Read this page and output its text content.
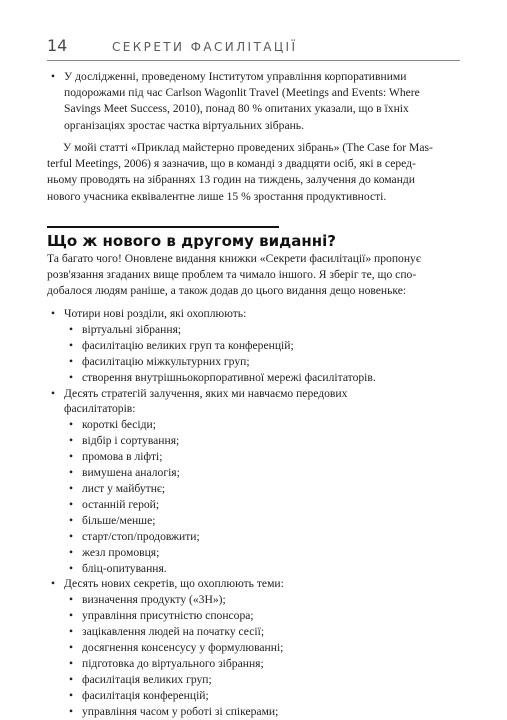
14	СЕКРЕТИ ФАСИЛІТАЦІЇ
• У дослідженні, проведеному Інститутом управління корпоративними
подорожами під час Carlson Wagonlit Travel (Meetings and Events: Where
Savings Meet Success, 2010), понад 80 % опитаних указали, що в їхніх
організаціях зростає частка віртуальних зібрань.
У мойі статті «Приклад майстерно проведених зібрань» (The Case for Mas-
terful Meetings, 2006) я зазначив, що в команді з двадцяти осіб, які в серед-
ньому проводять на зібраннях 13 годин на тиждень, залучення до команди
нового учасника еквівалентне лише 15 % зростання продуктивності.
Що ж нового в другому виданні?
Та багато чого! Оновлене видання книжки «Секрети фасилітації» пропонує
розв'язання згаданих вище проблем та чимало іншого. Я зберіг те, що спо-
добалося людям раніше, а також додав до цього видання дещо новеньке:
• Чотири нові розділи, які охоплюють:
• віртуальні зібрання;
• фасилітацію великих груп та конференцій;
• фасилітацію міжкультурних груп;
• створення внутрішньокорпоративної мережі фасилітаторів.
• Десять стратегій залучення, яких ми навчаємо передових
фасилітаторів:
• короткі бесіди;
• відбір і сортування;
• промова в ліфті;
• вимушена аналогія;
• лист у майбутнє;
• останній герой;
• більше/менше;
• старт/стоп/продовжити;
• жезл промовця;
• бліц-опитування.
• Десять нових секретів, що охоплюють теми:
• визначення продукту («3Н»);
• управління присутністю спонсора;
• зацікавлення людей на початку сесії;
• досягнення консенсусу у формулюванні;
• підготовка до віртуального зібрання;
• фасилітація великих груп;
• фасилітація конференцій;
• управління часом у роботі зі спікерами;
